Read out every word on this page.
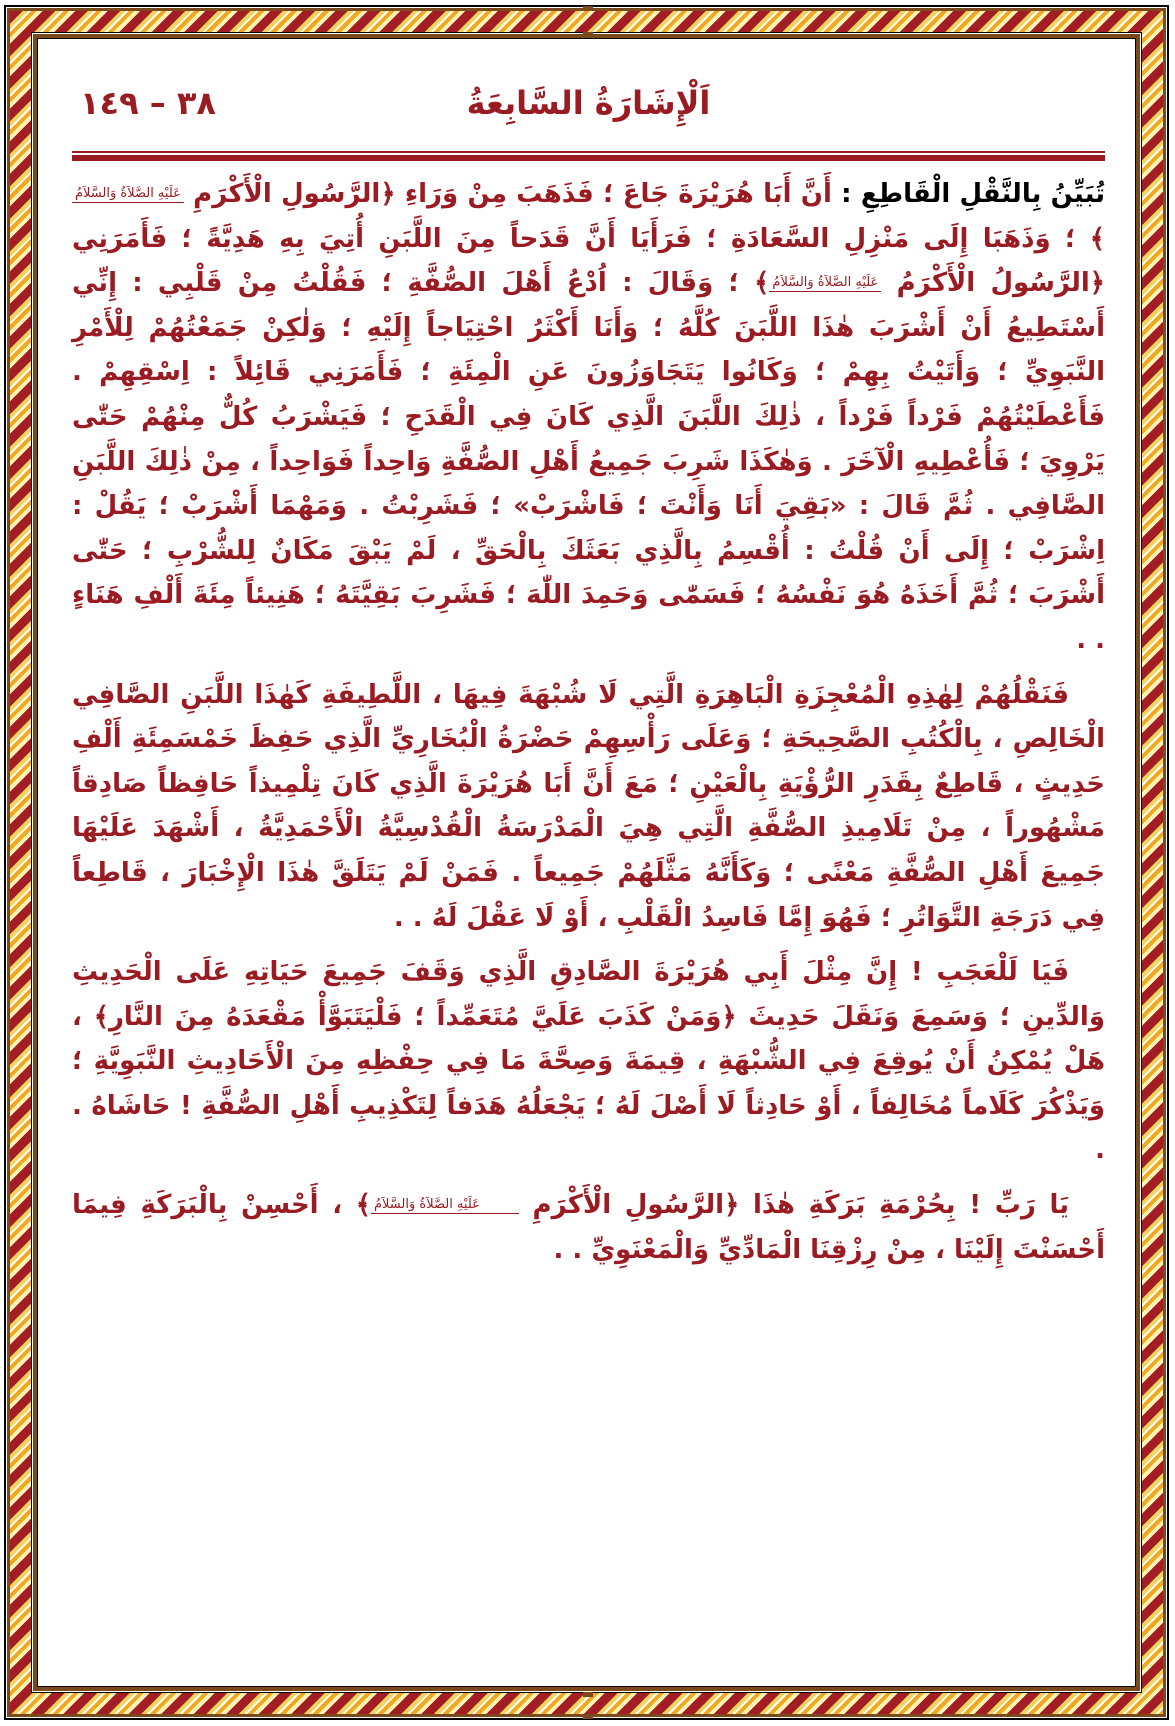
اَلْإِشَارَةُ السَّابِعَةُ
٣٨ – ١٤٩

تُبَيِّنُ بِالنَّقْلِ الْقَاطِعِ : أَنَّ أَبَا هُرَيْرَةَ جَاعَ ؛ فَذَهَبَ مِنْ وَرَاءِ ﴿الرَّسُولِ الْأَكْرَمِ عَلَيْهِ الصَّلاَةُ وَالسَّلاَمُ﴾ ؛ وَذَهَبَا إِلَى مَنْزِلِ السَّعَادَةِ ؛ فَرَأَيَا أَنَّ قَدَحاً مِنَ اللَّبَنِ أُتِيَ بِهِ هَدِيَّةً ؛ فَأَمَرَنِي ﴿الرَّسُولُ الْأَكْرَمُ عَلَيْهِ الصَّلاَةُ وَالسَّلاَمُ﴾ ؛ وَقَالَ : اُدْعُ أَهْلَ الصُّفَّةِ ؛ فَقُلْتُ مِنْ قَلْبِي : إِنِّي أَسْتَطِيعُ أَنْ أَشْرَبَ هٰذَا اللَّبَنَ كُلَّهُ ؛ وَأَنَا أَكْثَرُ احْتِيَاجاً إِلَيْهِ ؛ وَلٰكِنْ جَمَعْتُهُمْ لِلْأَمْرِ النَّبَوِيِّ ؛ وَأَتَيْتُ بِهِمْ ؛ وَكَانُوا يَتَجَاوَزُونَ عَنِ الْمِئَةِ ؛ فَأَمَرَنِي قَائِلاً : اِسْقِهِمْ . فَأَعْطَيْتُهُمْ فَرْداً فَرْداً ، ذٰلِكَ اللَّبَنَ الَّذِي كَانَ فِي الْقَدَحِ ؛ فَيَشْرَبُ كُلٌّ مِنْهُمْ حَتّٰى يَرْوِيَ ؛ فَأُعْطِيهِ الْآخَرَ . وَهٰكَذَا شَرِبَ جَمِيعُ أَهْلِ الصُّفَّةِ وَاحِداً فَوَاحِداً ، مِنْ ذٰلِكَ اللَّبَنِ الصَّافِي . ثُمَّ قَالَ : «بَقِيَ أَنَا وَأَنْتَ ؛ فَاشْرَبْ» ؛ فَشَرِبْتُ . وَمَهْمَا أَشْرَبْ ؛ يَقُلْ : اِشْرَبْ ؛ إِلَى أَنْ قُلْتُ : أُقْسِمُ بِالَّذِي بَعَثَكَ بِالْحَقِّ ، لَمْ يَبْقَ مَكَانٌ لِلشُّرْبِ ؛ حَتّٰى أَشْرَبَ ؛ ثُمَّ أَخَذَهُ هُوَ نَفْسُهُ ؛ فَسَمّٰى وَحَمِدَ اللّٰهَ ؛ فَشَرِبَ بَقِيَّتَهُ ؛ هَنِيئاً مِئَةَ أَلْفِ هَنَاءٍ . .

فَنَقْلُهُمْ لِهٰذِهِ الْمُعْجِزَةِ الْبَاهِرَةِ الَّتِي لَا شُبْهَةَ فِيهَا ، اللَّطِيفَةِ كَهٰذَا اللَّبَنِ الصَّافِي الْخَالِصِ ، بِالْكُتُبِ الصَّحِيحَةِ ؛ وَعَلَى رَأْسِهِمْ حَضْرَةُ الْبُخَارِيِّ الَّذِي حَفِظَ خَمْسَمِئَةِ أَلْفِ حَدِيثٍ ، قَاطِعٌ بِقَدَرِ الرُّؤْيَةِ بِالْعَيْنِ ؛ مَعَ أَنَّ أَبَا هُرَيْرَةَ الَّذِي كَانَ تِلْمِيذاً حَافِظاً صَادِقاً مَشْهُوراً ، مِنْ تَلَامِيذِ الصُّفَّةِ الَّتِي هِيَ الْمَدْرَسَةُ الْقُدْسِيَّةُ الْأَحْمَدِيَّةُ ، أَشْهَدَ عَلَيْهَا جَمِيعَ أَهْلِ الصُّفَّةِ مَعْنًى ؛ وَكَأَنَّهُ مَثَّلَهُمْ جَمِيعاً . فَمَنْ لَمْ يَتَلَقَّ هٰذَا الْإِخْبَارَ ، قَاطِعاً فِي دَرَجَةِ التَّوَاتُرِ ؛ فَهُوَ إِمَّا فَاسِدُ الْقَلْبِ ، أَوْ لَا عَقْلَ لَهُ . .

فَيَا لَلْعَجَبِ ! إِنَّ مِثْلَ أَبِي هُرَيْرَةَ الصَّادِقِ الَّذِي وَقَفَ جَمِيعَ حَيَاتِهِ عَلَى الْحَدِيثِ وَالدِّينِ ؛ وَسَمِعَ وَنَقَلَ حَدِيثَ ﴿وَمَنْ كَذَبَ عَلَيَّ مُتَعَمِّداً ؛ فَلْيَتَبَوَّأْ مَقْعَدَهُ مِنَ النَّارِ﴾ ، هَلْ يُمْكِنُ أَنْ يُوقِعَ فِي الشُّبْهَةِ ، قِيمَةَ وَصِحَّةَ مَا فِي حِفْظِهِ مِنَ الْأَحَادِيثِ النَّبَوِيَّةِ ؛ وَيَذْكُرَ كَلَاماً مُخَالِفاً ، أَوْ حَادِثاً لَا أَصْلَ لَهُ ؛ يَجْعَلُهُ هَدَفاً لِتَكْذِيبِ أَهْلِ الصُّفَّةِ ! حَاشَاهُ . .

يَا رَبِّ ! بِحُرْمَةِ بَرَكَةِ هٰذَا ﴿الرَّسُولِ الْأَكْرَمِ عَلَيْهِ الصَّلاَةُ وَالسَّلاَمُ﴾ ، أَحْسِنْ بِالْبَرَكَةِ فِيمَا أَحْسَنْتَ إِلَيْنَا ، مِنْ رِزْقِنَا الْمَادِّيِّ وَالْمَعْنَوِيِّ . .
